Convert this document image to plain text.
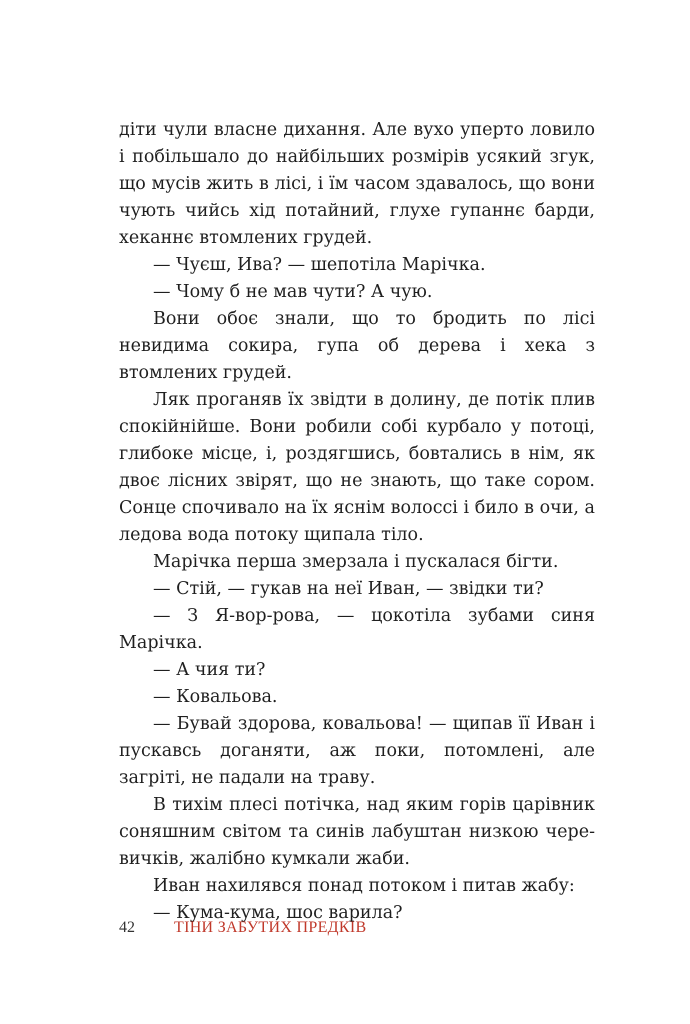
діти чули власне дихання. Але вухо уперто ловило і побільшало до найбільших розмірів усякий згук, що мусів жить в лісі, і їм часом здавалось, що вони чують чийсь хід потайний, глухе гупаннє барди, хеканнє втомлених грудей.

— Чуєш, Ива? — шепотіла Марічка.

— Чому б не мав чути? А чую.

Вони обоє знали, що то бродить по лісі невидима сокира, гупа об дерева і хека з втомлених грудей.

Ляк проганяв їх звідти в долину, де потік плив спокійнійше. Вони робили собі курбало у потоці, глибоке місце, і, роздягшись, бовтались в нім, як двоє лісних звірят, що не знають, що таке сором. Сонце спочивало на їх яснім волоссі і било в очи, а ледова вода потоку щипала тіло.

Марічка перша змерзала і пускалася бігти.

— Стій, — гукав на неї Иван, — звідки ти?

— З Я-вор-рова, — цокотіла зубами синя Марічка.

— А чия ти?

— Ковальова.

— Бувай здорова, ковальова! — щипав її Иван і пускавсь доганяти, аж поки, потомлені, але загріті, не падали на траву.

В тихім плесі потічка, над яким горів царівник соняшним світом та синів лабуштан низкою черевичків, жалібно кумкали жаби.

Иван нахилявся понад потоком і питав жабу:

— Кума-кума, шос варила?

42	ТІНИ ЗАБУТИХ ПРЕДКІВ
